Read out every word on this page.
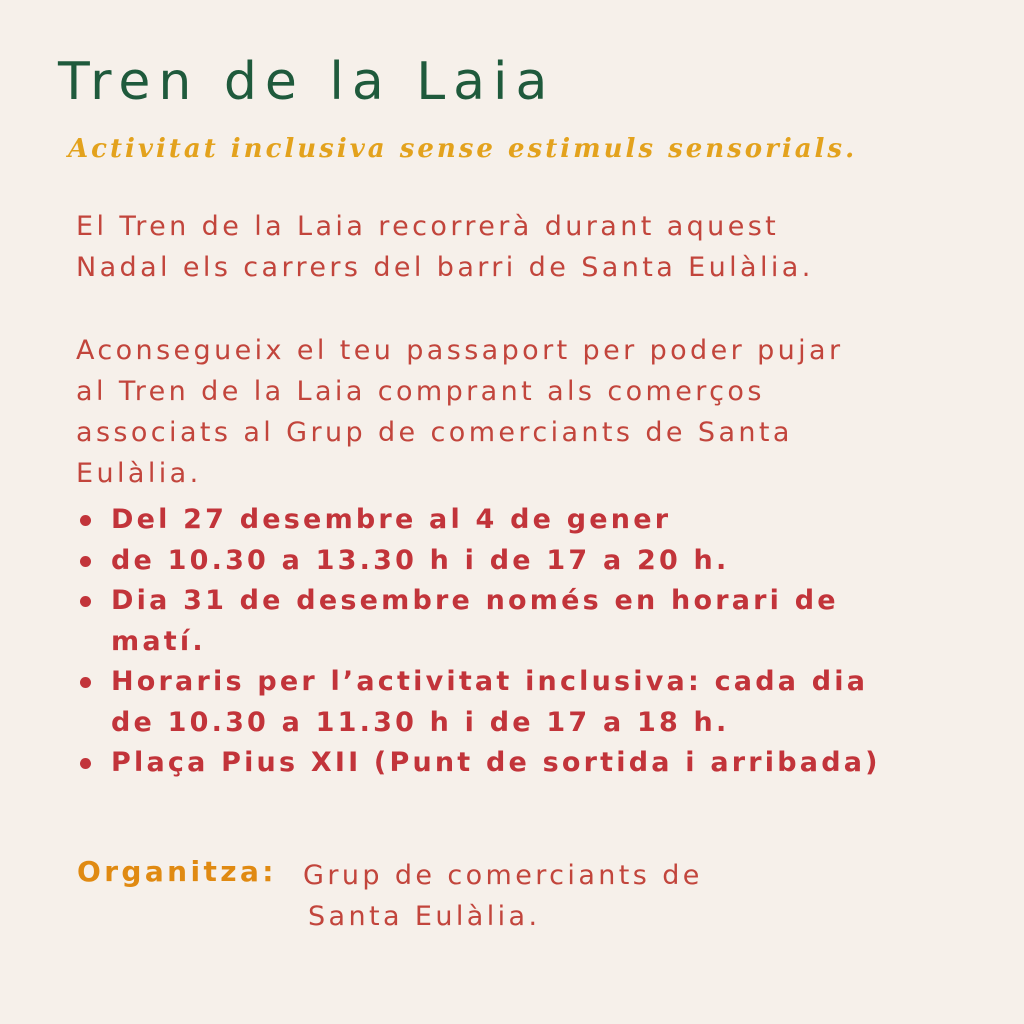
Tren de la Laia

Activitat inclusiva sense estimuls sensorials.

El Tren de la Laia recorrerà durant aquest
Nadal els carrers del barri de Santa Eulàlia.

Aconsegueix el teu passaport per poder pujar
al Tren de la Laia comprant als comerços
associats al Grup de comerciants de Santa
Eulàlia.

Del 27 desembre al 4 de gener
de 10.30 a 13.30 h i de 17 a 20 h.
Dia 31 de desembre només en horari de
matí.
Horaris per l’activitat inclusiva: cada dia
de 10.30 a 11.30 h i de 17 a 18 h.
Plaça Pius XII (Punt de sortida i arribada)

Organitza: Grup de comerciants de
Santa Eulàlia.
